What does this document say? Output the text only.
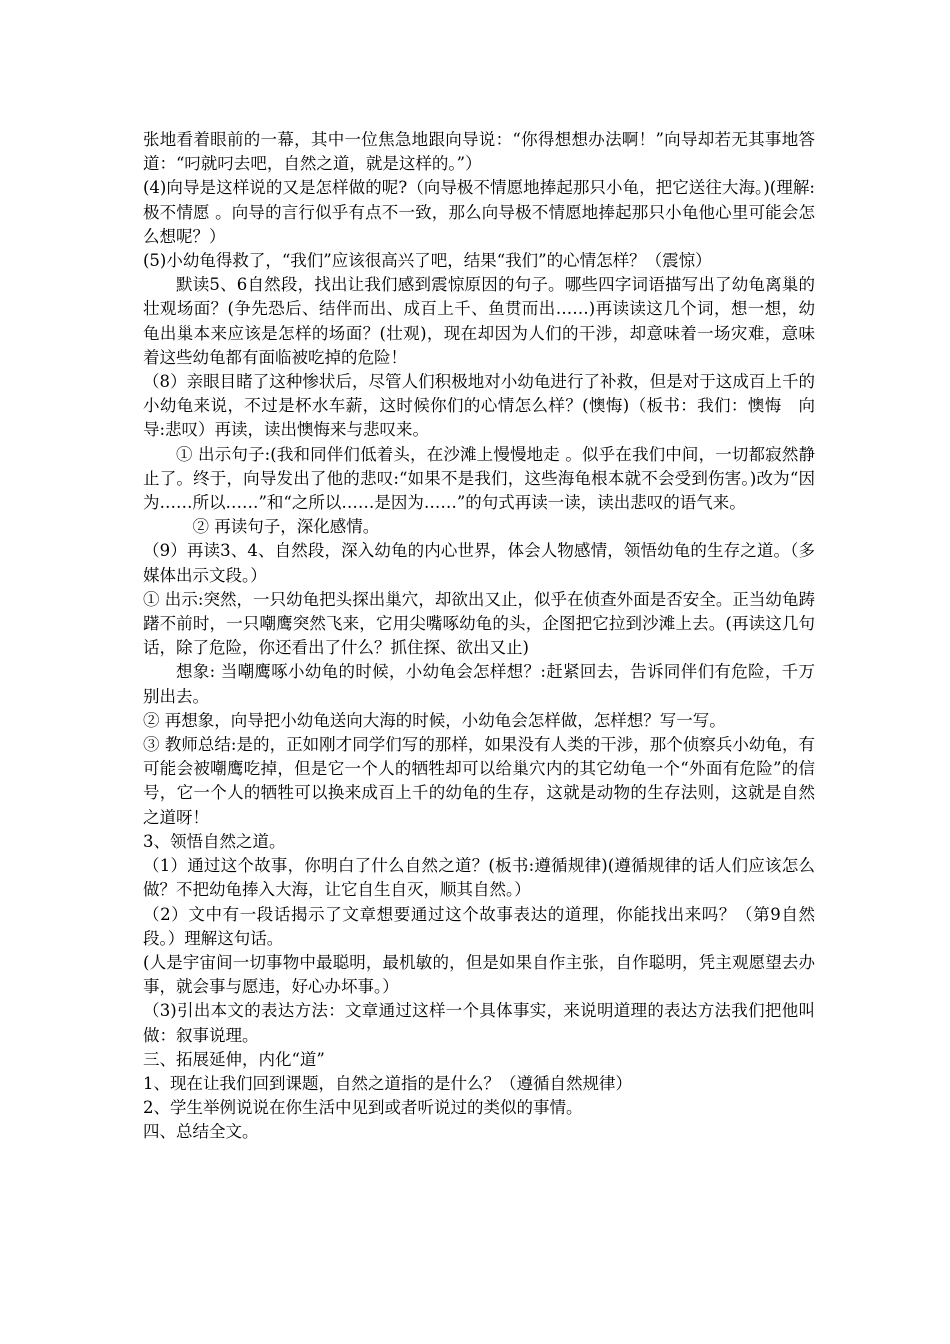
张地看着眼前的一幕，其中一位焦急地跟向导说：“你得想想办法啊！”向导却若无其事地答道：“叼就叼去吧，自然之道，就是这样的。”）

(4)向导是这样说的又是怎样做的呢?（向导极不情愿地捧起那只小龟，把它送往大海。)(理解:极不情愿 。向导的言行似乎有点不一致，那么向导极不情愿地捧起那只小龟他心里可能会怎么想呢？）

(5)小幼龟得救了，“我们”应该很高兴了吧，结果“我们”的心情怎样？（震惊）

默读5、6自然段，找出让我们感到震惊原因的句子。哪些四字词语描写出了幼龟离巢的壮观场面？(争先恐后、结伴而出、成百上千、鱼贯而出……)再读读这几个词，想一想，幼龟出巢本来应该是怎样的场面？(壮观)，现在却因为人们的干涉，却意味着一场灾难，意味着这些幼龟都有面临被吃掉的危险！

（8）亲眼目睹了这种惨状后，尽管人们积极地对小幼龟进行了补救，但是对于这成百上千的小幼龟来说，不过是杯水车薪，这时候你们的心情怎么样？(懊悔)（板书：我们：懊悔　向导:悲叹）再读，读出懊悔来与悲叹来。

① 出示句子:(我和同伴们低着头，在沙滩上慢慢地走 。似乎在我们中间，一切都寂然静止了。终于，向导发出了他的悲叹:“如果不是我们，这些海龟根本就不会受到伤害。)改为“因为……所以……”和“之所以……是因为……”的句式再读一读，读出悲叹的语气来。

② 再读句子，深化感情。

（9）再读3、4、自然段，深入幼龟的内心世界，体会人物感情，领悟幼龟的生存之道。（多媒体出示文段。）

① 出示:突然，一只幼龟把头探出巢穴，却欲出又止，似乎在侦查外面是否安全。正当幼龟踌躇不前时，一只嘲鹰突然飞来，它用尖嘴啄幼龟的头，企图把它拉到沙滩上去。(再读这几句话，除了危险，你还看出了什么？抓住探、欲出又止)

想象: 当嘲鹰啄小幼龟的时候，小幼龟会怎样想？:赶紧回去，告诉同伴们有危险，千万别出去。

② 再想象，向导把小幼龟送向大海的时候，小幼龟会怎样做，怎样想？写一写。

③ 教师总结:是的，正如刚才同学们写的那样，如果没有人类的干涉，那个侦察兵小幼龟，有可能会被嘲鹰吃掉，但是它一个人的牺牲却可以给巢穴内的其它幼龟一个“外面有危险”的信号，它一个人的牺牲可以换来成百上千的幼龟的生存，这就是动物的生存法则，这就是自然之道呀！

3、领悟自然之道。

（1）通过这个故事，你明白了什么自然之道？(板书:遵循规律)(遵循规律的话人们应该怎么做？不把幼龟捧入大海，让它自生自灭，顺其自然。）

（2）文中有一段话揭示了文章想要通过这个故事表达的道理，你能找出来吗？（第9自然段。）理解这句话。

(人是宇宙间一切事物中最聪明，最机敏的，但是如果自作主张，自作聪明，凭主观愿望去办事，就会事与愿违，好心办坏事。）

（3)引出本文的表达方法：文章通过这样一个具体事实，来说明道理的表达方法我们把他叫做：叙事说理。

三、拓展延伸，内化“道”

1、现在让我们回到课题，自然之道指的是什么？（遵循自然规律）

2、学生举例说说在你生活中见到或者听说过的类似的事情。

四、总结全文。
